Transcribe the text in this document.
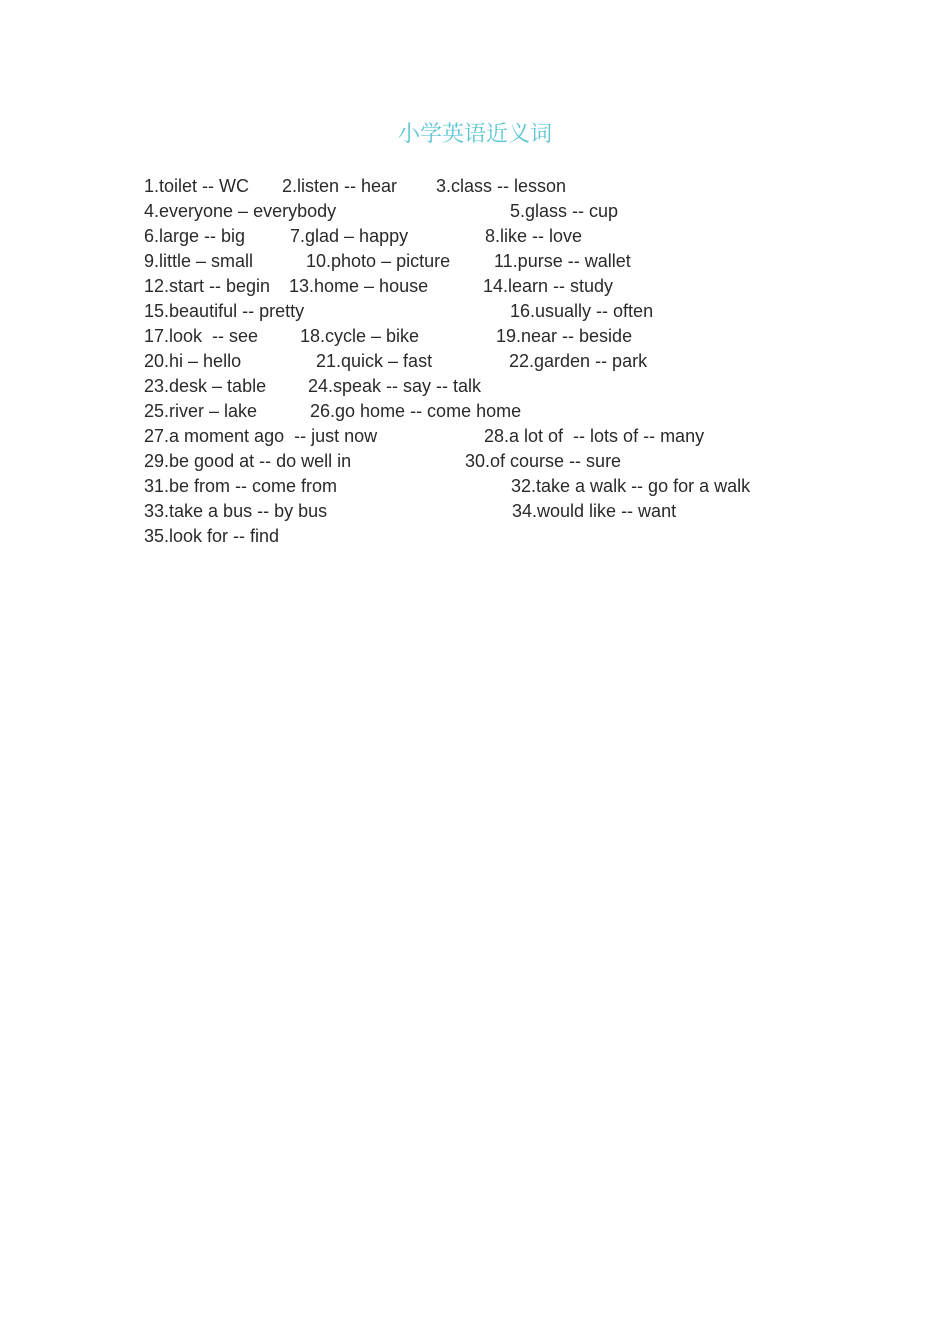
小学英语近义词
1.toilet -- WC 2.listen -- hear 3.class -- lesson
4.everyone – everybody	5.glass -- cup
6.large -- big 7.glad – happy	8.like -- love
9.little – small	10.photo – picture 11.purse -- wallet
12.start -- begin 13.home – house	14.learn -- study
15.beautiful -- pretty	16.usually -- often
17.look  -- see 18.cycle – bike	19.near -- beside
20.hi – hello	21.quick – fast	22.garden -- park
23.desk – table 24.speak -- say -- talk
25.river – lake	26.go home -- come home
27.a moment ago  -- just now	28.a lot of  -- lots of -- many
29.be good at -- do well in	30.of course -- sure
31.be from -- come from	32.take a walk -- go for a walk
33.take a bus -- by bus	34.would like -- want
35.look for -- find
